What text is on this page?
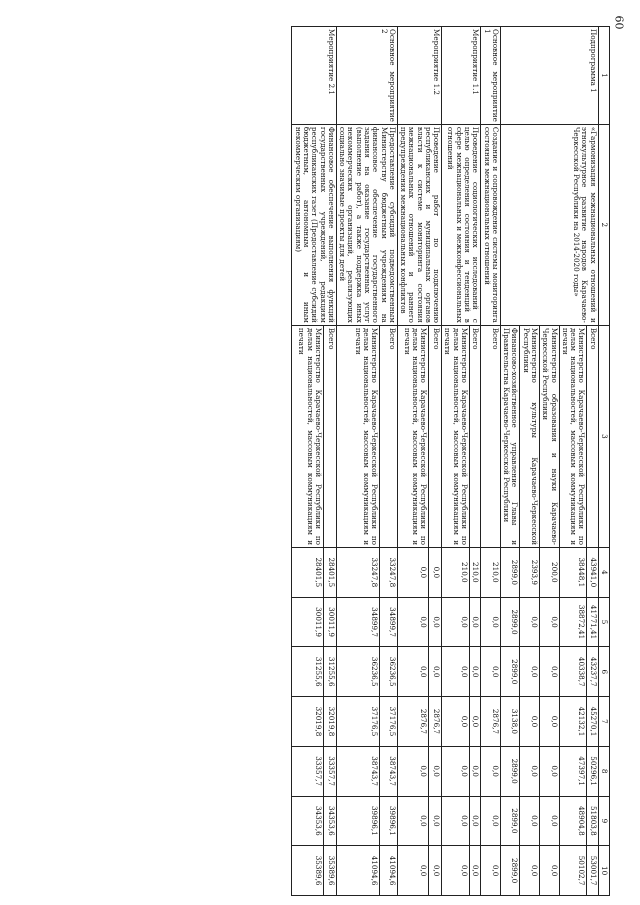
60
1	2	3	4	5	6	7	8	9	10
Подпрограмма 1	«Гармонизация межнациональных отношений и этнокультурное развитие народов Карачаево-Черкесской Республики на 2014-2020 годы»	Всего	43941,0	41771,41	43237,7	45270,1	50296,1	51803,8	53001,7
		Министерство Карачаево-Черкесской Республики по делам национальностей, массовым коммуникациям и печати	38448,1	38872,41	40338,7	42132,1	47397,1	48904,8	50102,7
		Министерство образования и науки Карачаево-Черкесской Республики	200,0	0,0	0,0	0,0	0,0	0,0	0,0
		Министерство культуры Карачаево-Черкесской Республики	2393,9	0,0	0,0	0,0	0,0	0,0	0,0
		Финансово-хозяйственное управление Главы и Правительства Карачаево-Черкесской Республики	2899,0	2899,0	2899,0	3138,0	2899,0	2899,0	2899,0
Основное мероприятие 1	Создание и сопровождение системы мониторинга состояния межнациональных отношений	Всего	210,0	0,0	0,0	2876,7	0,0	0,0	0,0
Мероприятие 1.1	Проведение социологических исследований с целью определения состояния и тенденций в сфере межнациональных и межконфессиональных отношений	Всего	210,0	0,0	0,0	0,0	0,0	0,0	0,0
		Министерство Карачаево-Черкесской Республики по делам национальностей, массовым коммуникациям и печати	210,0	0,0	0,0	0,0	0,0	0,0	0,0
Мероприятие 1.2	Проведение работ по подключению республиканских и муниципальных органов власти к системе мониторинга состояния межнациональных отношений и раннего предупреждения межнациональных конфликтов	Всего	0,0	0,0	0,0	2876,7	0,0	0,0	0,0
		Министерство Карачаево-Черкесской Республики по делам национальностей, массовым коммуникациям и печати	0,0	0,0	0,0	2876,7	0,0	0,0	0,0
Основное мероприятие 2	Предоставление субсидий подведомственным Министерству бюджетным учреждениям на финансовое обеспечение государственного задания на оказание государственных услуг (выполнение работ), а также поддержка иных некоммерческих организаций, реализующих социально значимые проекты для детей	Всего	33247,8	34899,7	36236,5	37176,5	38743,7	39896,1	41094,6
		Министерство Карачаево-Черкесской Республики по делам национальностей, массовым коммуникациям и печати	33247,8	34899,7	36236,5	37176,5	38743,7	39896,1	41094,6
Мероприятие 2.1	Финансовое обеспечение выполнения функций государственных учреждений, редакциям республиканских газет (Предоставление субсидий бюджетным, автономным и иным некоммерческим организациям)	Всего	28401,5	30011,9	31255,6	32019,8	33357,7	34353,6	35389,6
		Министерство Карачаево-Черкесской Республики по делам национальностей, массовым коммуникациям и печати	28401,5	30011,9	31255,6	32019,8	33357,7	34353,6	35389,6
